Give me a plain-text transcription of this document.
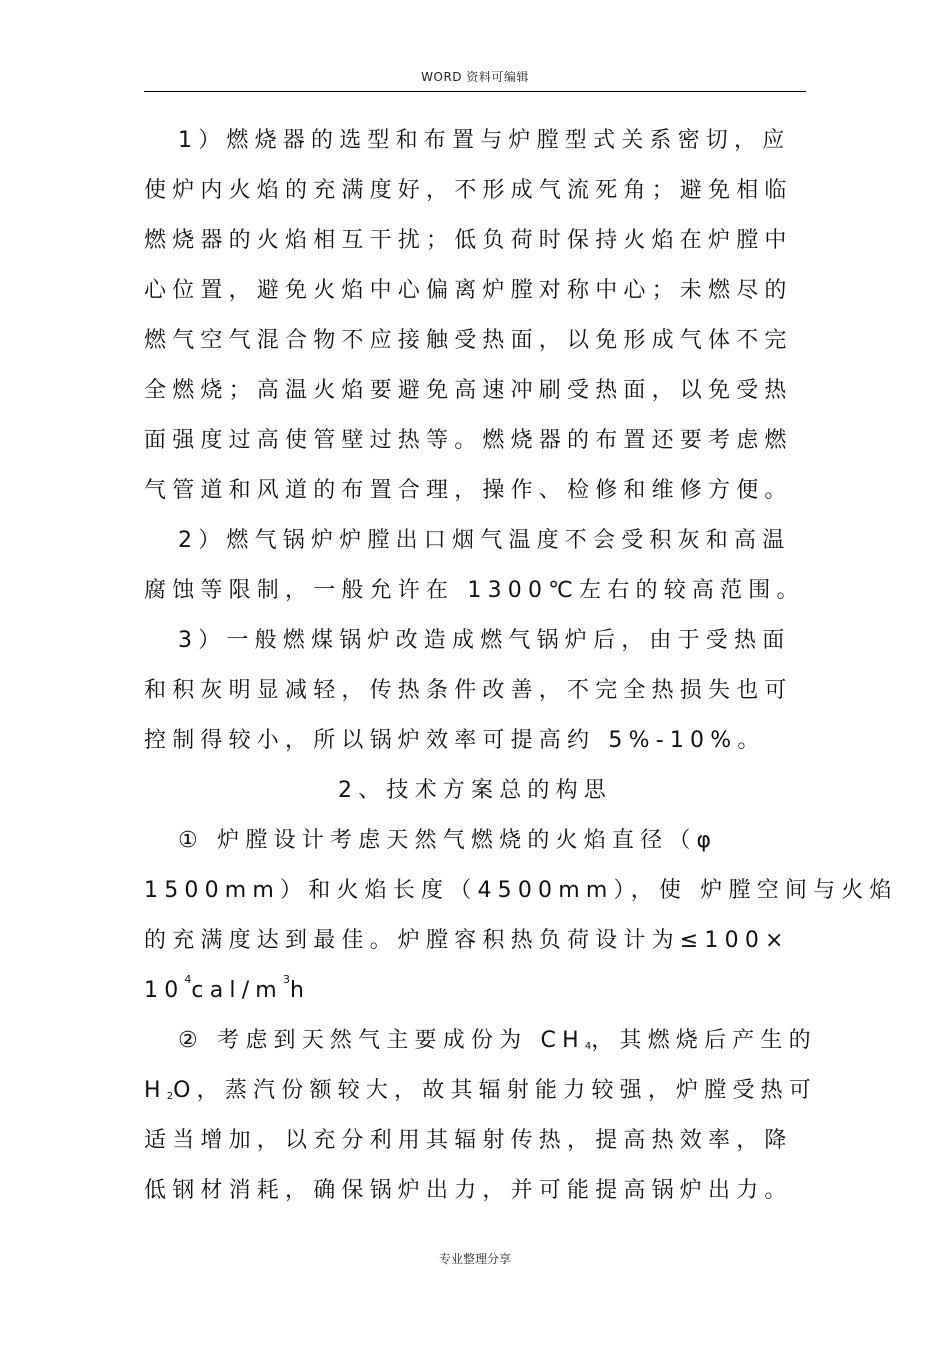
WORD 资料可编辑
1）燃烧器的选型和布置与炉膛型式关系密切，应
使炉内火焰的充满度好，不形成气流死角；避免相临
燃烧器的火焰相互干扰；低负荷时保持火焰在炉膛中
心位置，避免火焰中心偏离炉膛对称中心；未燃尽的
燃气空气混合物不应接触受热面，以免形成气体不完
全燃烧；高温火焰要避免高速冲刷受热面，以免受热
面强度过高使管壁过热等。燃烧器的布置还要考虑燃
气管道和风道的布置合理，操作、检修和维修方便。
2）燃气锅炉炉膛出口烟气温度不会受积灰和高温
腐蚀等限制，一般允许在 1300℃左右的较高范围。
3）一般燃煤锅炉改造成燃气锅炉后，由于受热面
和积灰明显减轻，传热条件改善，不完全热损失也可
控制得较小，所以锅炉效率可提高约 5%-10%。
2、技术方案总的构思
① 炉膛设计考虑天然气燃烧的火焰直径（φ
1500mm）和火焰长度（4500mm），使 炉膛空间与火焰
的充满度达到最佳。炉膛容积热负荷设计为≤100×
$10^4cal/m^3h$
② 考虑到天然气主要成份为 $CH_4$，其燃烧后产生的
$H_2O$，蒸汽份额较大，故其辐射能力较强，炉膛受热可
适当增加，以充分利用其辐射传热，提高热效率，降
低钢材消耗，确保锅炉出力，并可能提高锅炉出力。
专业整理分享
